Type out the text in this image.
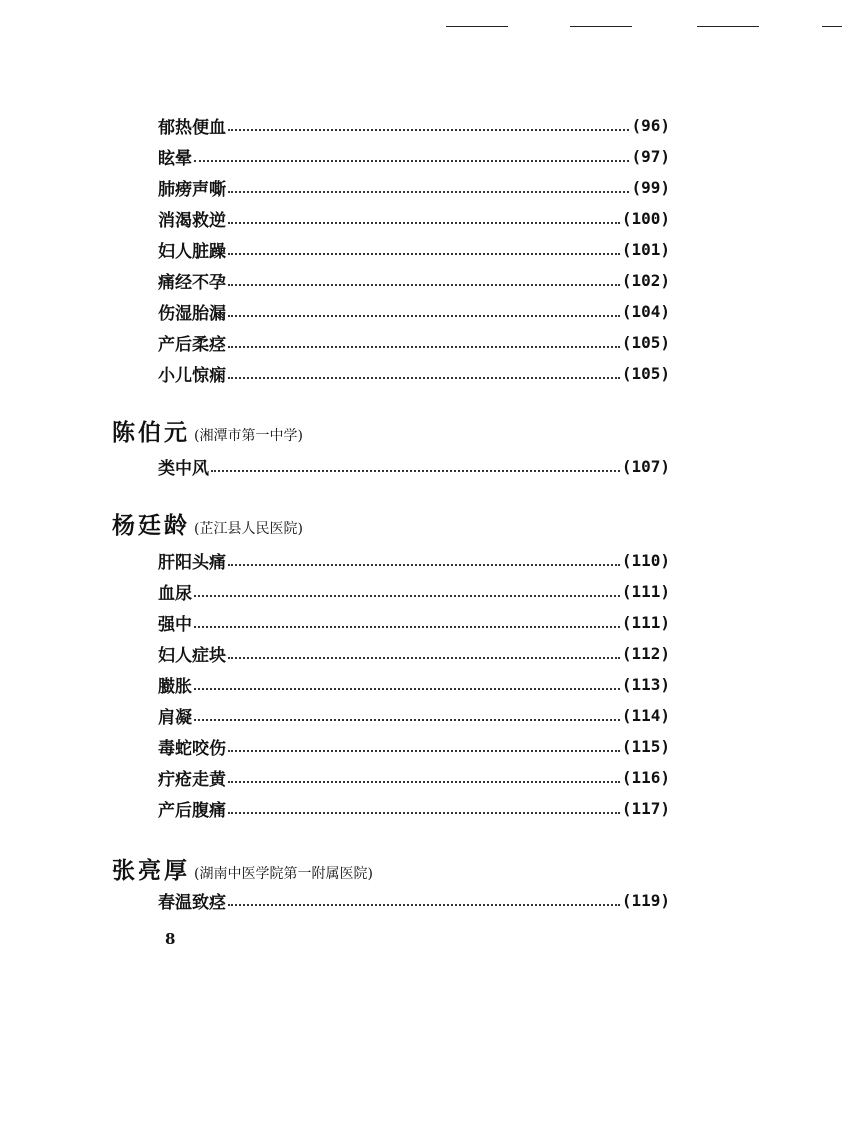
郁热便血	(96)
眩晕	(97)
肺痨声嘶	(99)
消渴救逆	(100)
妇人脏躁	(101)
痛经不孕	(102)
伤湿胎漏	(104)
产后柔痉	(105)
小儿惊痫	(105)
陈伯元 (湘潭市第一中学)
类中风	(107)
杨廷龄 (芷江县人民医院)
肝阳头痛	(110)
血尿	(111)
强中	(111)
妇人症块	(112)
臌胀	(113)
肩凝	(114)
毒蛇咬伤	(115)
疔疮走黄	(116)
产后腹痛	(117)
张亮厚 (湖南中医学院第一附属医院)
春温致痉	(119)
8
